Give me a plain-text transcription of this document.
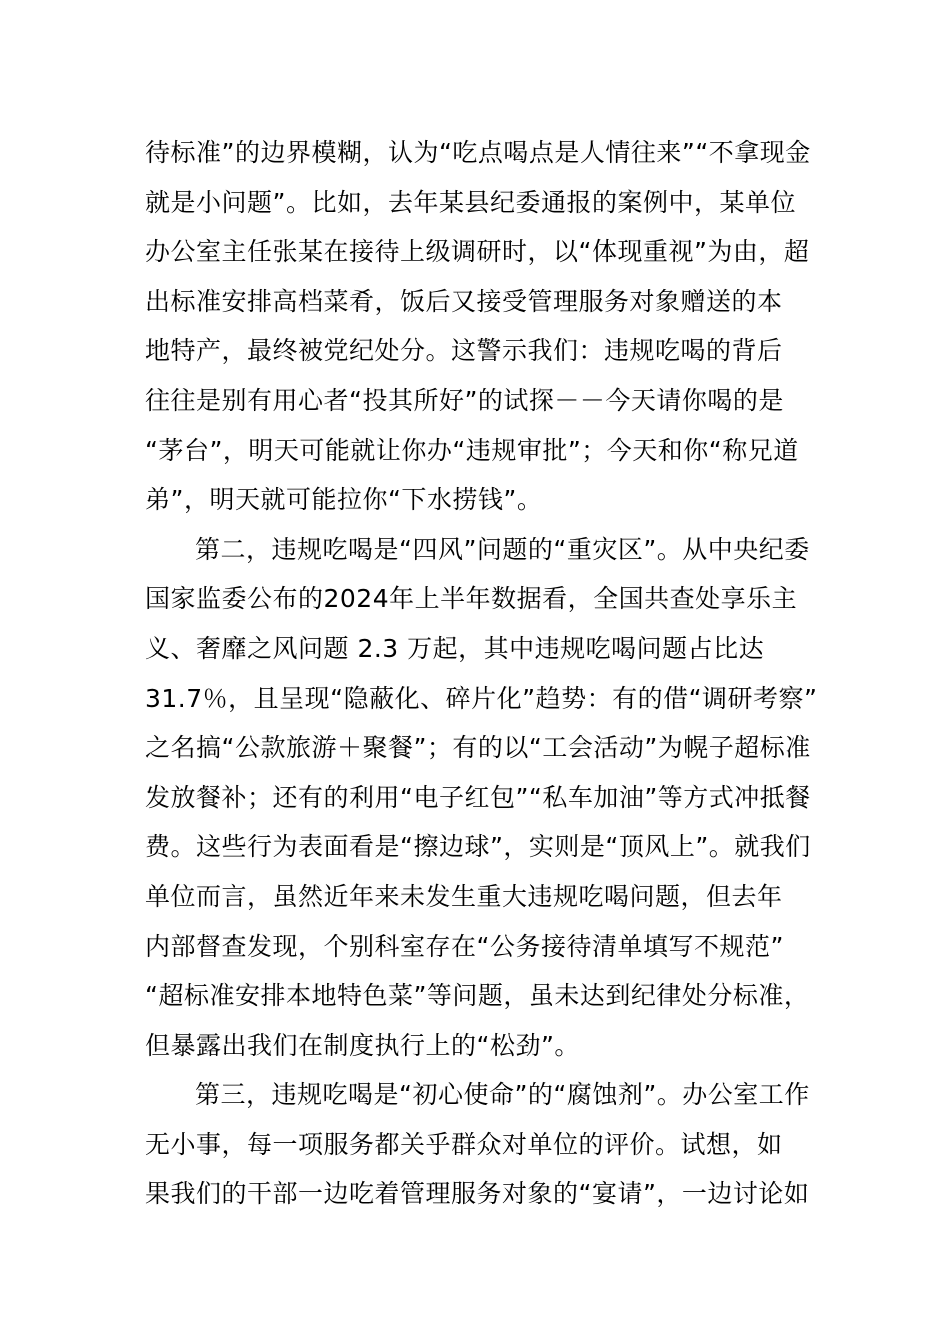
待标准”的边界模糊，认为“吃点喝点是人情往来”“不拿现金
就是小问题”。比如，去年某县纪委通报的案例中，某单位
办公室主任张某在接待上级调研时，以“体现重视”为由，超
出标准安排高档菜肴，饭后又接受管理服务对象赠送的本
地特产，最终被党纪处分。这警示我们：违规吃喝的背后
往往是别有用心者“投其所好”的试探－－今天请你喝的是
“茅台”，明天可能就让你办“违规审批”；今天和你“称兄道
弟”，明天就可能拉你“下水捞钱”。
第二，违规吃喝是“四风”问题的“重灾区”。从中央纪委
国家监委公布的2024年上半年数据看，全国共查处享乐主
义、奢靡之风问题 2.3 万起，其中违规吃喝问题占比达
31.7％，且呈现“隐蔽化、碎片化”趋势：有的借“调研考察”
之名搞“公款旅游＋聚餐”；有的以“工会活动”为幌子超标准
发放餐补；还有的利用“电子红包”“私车加油”等方式冲抵餐
费。这些行为表面看是“擦边球”，实则是“顶风上”。就我们
单位而言，虽然近年来未发生重大违规吃喝问题，但去年
内部督查发现，个别科室存在“公务接待清单填写不规范”
“超标准安排本地特色菜”等问题，虽未达到纪律处分标准，
但暴露出我们在制度执行上的“松劲”。
第三，违规吃喝是“初心使命”的“腐蚀剂”。办公室工作
无小事，每一项服务都关乎群众对单位的评价。试想，如
果我们的干部一边吃着管理服务对象的“宴请”，一边讨论如
